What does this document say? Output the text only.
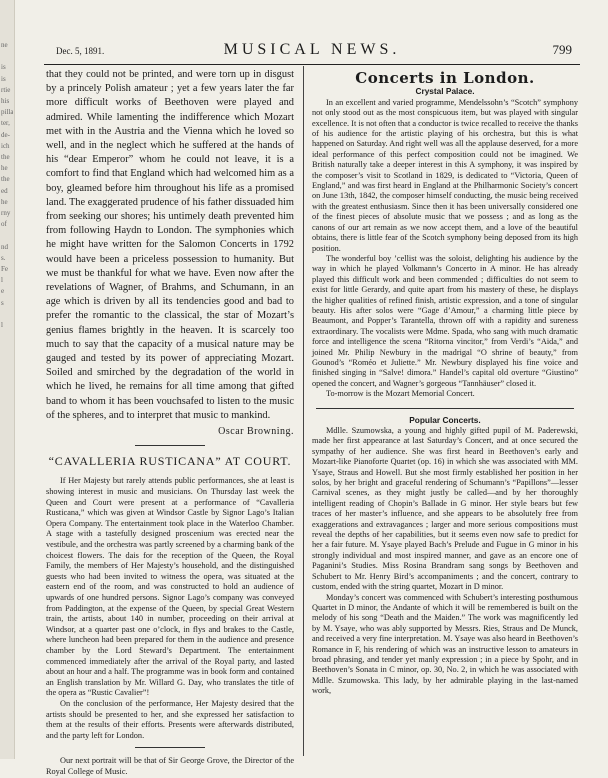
ne

is
is
rtie
his
pilla
ter,
de-
ich
the
he
the
ed
he
rny
of

nd
s.
Fe
l
e
s

l
Dec. 5, 1891.	MUSICAL NEWS.	799

that they could not be printed, and were torn up in disgust by a princely Polish amateur ; yet a few years later the far more difficult works of Beethoven were played and admired. While lamenting the indifference which Mozart met with in the Austria and the Vienna which he loved so well, and in the neglect which he suffered at the hands of his “dear Emperor” whom he could not leave, it is a comfort to find that England which had welcomed him as a boy, gleamed before him throughout his life as a promised land. The exaggerated prudence of his father dissuaded him from seeking our shores; his untimely death prevented him from following Haydn to London. The symphonies which he might have written for the Salomon Concerts in 1792 would have been a priceless possession to humanity. But we must be thankful for what we have. Even now after the revelations of Wagner, of Brahms, and Schumann, in an age which is driven by all its tendencies good and bad to prefer the romantic to the classical, the star of Mozart’s genius flames brightly in the heaven. It is scarcely too much to say that the capacity of a musical nature may be gauged and tested by its power of appreciating Mozart. Soiled and smirched by the degradation of the world in which he lived, he remains for all time among that gifted band to whom it has been vouchsafed to listen to the music of the spheres, and to interpret that music to mankind.

Oscar Browning.
“CAVALLERIA RUSTICANA” AT COURT.

If Her Majesty but rarely attends public performances, she at least is showing interest in music and musicians. On Thursday last week the Queen and Court were present at a performance of “Cavalleria Rusticana,” which was given at Windsor Castle by Signor Lago’s Italian Opera Company. The entertainment took place in the Waterloo Chamber. A stage with a tastefully designed proscenium was erected near the vestibule, and the orchestra was partly screened by a charming bank of the choicest flowers. The dais for the reception of the Queen, the Royal Family, the members of Her Majesty’s household, and the distinguished guests who had been invited to witness the opera, was situated at the eastern end of the room, and was constructed to hold an audience of upwards of one hundred persons. Signor Lago’s company was conveyed from Paddington, at the expense of the Queen, by special Great Western train, the artists, about 140 in number, proceeding on their arrival at Windsor, at a quarter past one o’clock, in flys and brakes to the Castle, where luncheon had been prepared for them in the audience and presence chamber by the Lord Steward’s Department. The entertainment commenced immediately after the arrival of the Royal party, and lasted about an hour and a half. The programme was in book form and contained an English translation by Mr. Willard G. Day, who translates the title of the opera as “Rustic Cavalier”!

On the conclusion of the performance, Her Majesty desired that the artists should be presented to her, and she expressed her satisfaction to them at the results of their efforts. Presents were afterwards distributed, and the party left for London.

Our next portrait will be that of Sir George Grove, the Director of the Royal College of Music.

Concerts in London.
Crystal Palace.

In an excellent and varied programme, Mendelssohn’s “Scotch” symphony not only stood out as the most conspicuous item, but was played with singular excellence. It is not often that a conductor is twice recalled to receive the thanks of his audience for the artistic playing of his orchestra, but this is what happened on Saturday. And right well was all the applause deserved, for a more ideal performance of this perfect composition could not be imagined. We British naturally take a deeper interest in this A symphony, it was inspired by the composer’s visit to Scotland in 1829, is dedicated to “Victoria, Queen of England,” and was first heard in England at the Philharmonic Society’s concert on June 13th, 1842, the composer himself conducting, the music being received with the greatest enthusiasm. Since then it has been universally considered one of the finest pieces of absolute music that we possess ; and as long as the canons of our art remain as we now accept them, and a love of the beautiful obtains, there is little fear of the Scotch symphony being deposed from its high position.

The wonderful boy ’cellist was the soloist, delighting his audience by the way in which he played Volkmann’s Concerto in A minor. He has already played this difficult work and been commended ; difficulties do not seem to exist for little Gerardy, and quite apart from his mastery of these, he displays the higher qualities of refined finish, artistic expression, and a tone of singular beauty. His after solos were “Gage d’Amour,” a charming little piece by Beaumont, and Popper’s Tarantella, thrown off with a rapidity and sureness extraordinary. The vocalists were Mdme. Spada, who sang with much dramatic force and intelligence the scena “Ritorna vincitor,” from Verdi’s “Aida,” and joined Mr. Philip Newbury in the madrigal “O shrine of beauty,” from Gounod’s “Roméo et Juliette.” Mr. Newbury displayed his fine voice and finished singing in “Salve! dimora.” Handel’s capital old overture “Giustino” opened the concert, and Wagner’s gorgeous “Tannhäuser” closed it.

To-morrow is the Mozart Memorial Concert.

Popular Concerts.

Mdlle. Szumowska, a young and highly gifted pupil of M. Paderewski, made her first appearance at last Saturday’s Concert, and at once secured the sympathy of her audience. She was first heard in Beethoven’s early and Mozart-like Pianoforte Quartet (op. 16) in which she was associated with MM. Ysaye, Straus and Howell. But she most firmly established her position in her solos, by her bright and graceful rendering of Schumann’s “Papillons”—lesser Carnival scenes, as they might justly be called—and by her thoroughly intelligent reading of Chopin’s Ballade in G minor. Her style bears but few traces of her master’s influence, and she appears to be absolutely free from exaggerations and extravagances ; larger and more serious compositions must reveal the depths of her capabilities, but it seems even now safe to predict for her a fair future. M. Ysaye played Bach’s Prelude and Fugue in G minor in his strongly individual and most inspired manner, and gave as an encore one of Paganini’s Studies. Miss Rosina Brandram sang songs by Beethoven and Schubert to Mr. Henry Bird’s accompaniments ; and the concert, contrary to custom, ended with the string quartet, Mozart in D minor.

Monday’s concert was commenced with Schubert’s interesting posthumous Quartet in D minor, the Andante of which it will be remembered is built on the melody of his song “Death and the Maiden.” The work was magnificently led by M. Ysaye, who was ably supported by Messrs. Ries, Straus and De Munck, and received a very fine interpretation. M. Ysaye was also heard in Beethoven’s Romance in F, his rendering of which was an instructive lesson to amateurs in broad phrasing, and tender yet manly expression ; in a piece by Spohr, and in Beethoven’s Sonata in C minor, op. 30, No. 2, in which he was associated with Mdlle. Szumowska. This lady, by her admirable playing in the last-named work,
